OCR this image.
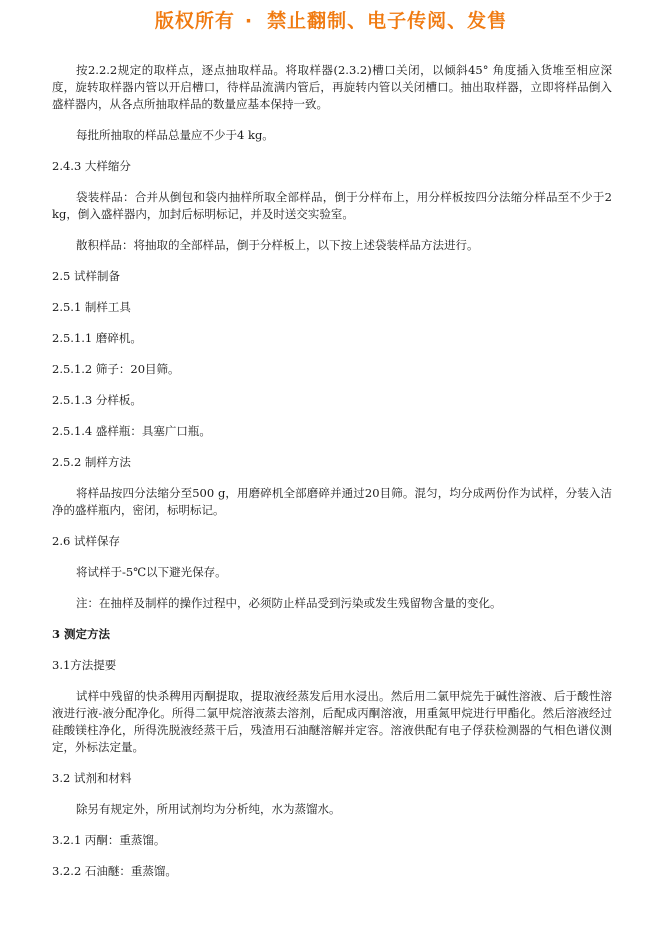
版权所有 · 禁止翻制、电子传阅、发售
按2.2.2规定的取样点，逐点抽取样品。将取样器(2.3.2)槽口关闭，以倾斜45° 角度插入货堆至相应深度，旋转取样器内管以开启槽口，待样品流满内管后，再旋转内管以关闭槽口。抽出取样器，立即将样品倒入盛样器内，从各点所抽取样品的数量应基本保持一致。
每批所抽取的样品总量应不少于4 kg。
2.4.3 大样缩分
袋装样品：合并从倒包和袋内抽样所取全部样品，倒于分样布上，用分样板按四分法缩分样品至不少于2 kg，倒入盛样器内，加封后标明标记，并及时送交实验室。
散积样品：将抽取的全部样品，倒于分样板上，以下按上述袋装样品方法进行。
2.5 试样制备
2.5.1 制样工具
2.5.1.1 磨碎机。
2.5.1.2 筛子：20目筛。
2.5.1.3 分样板。
2.5.1.4 盛样瓶：具塞广口瓶。
2.5.2 制样方法
将样品按四分法缩分至500 g，用磨碎机全部磨碎并通过20目筛。混匀，均分成两份作为试样，分装入洁净的盛样瓶内，密闭，标明标记。
2.6 试样保存
将试样于-5℃以下避光保存。
注：在抽样及制样的操作过程中，必须防止样品受到污染或发生残留物含量的变化。
3 测定方法
3.1方法提要
试样中残留的快杀稗用丙酮提取，提取液经蒸发后用水浸出。然后用二氯甲烷先于碱性溶液、后于酸性溶液进行液-液分配净化。所得二氯甲烷溶液蒸去溶剂，后配成丙酮溶液，用重氮甲烷进行甲酯化。然后溶液经过硅酸镁柱净化，所得洗脱液经蒸干后，残渣用石油醚溶解并定容。溶液供配有电子俘获检测器的气相色谱仪测定，外标法定量。
3.2 试剂和材料
除另有规定外，所用试剂均为分析纯，水为蒸馏水。
3.2.1 丙酮：重蒸馏。
3.2.2 石油醚：重蒸馏。
